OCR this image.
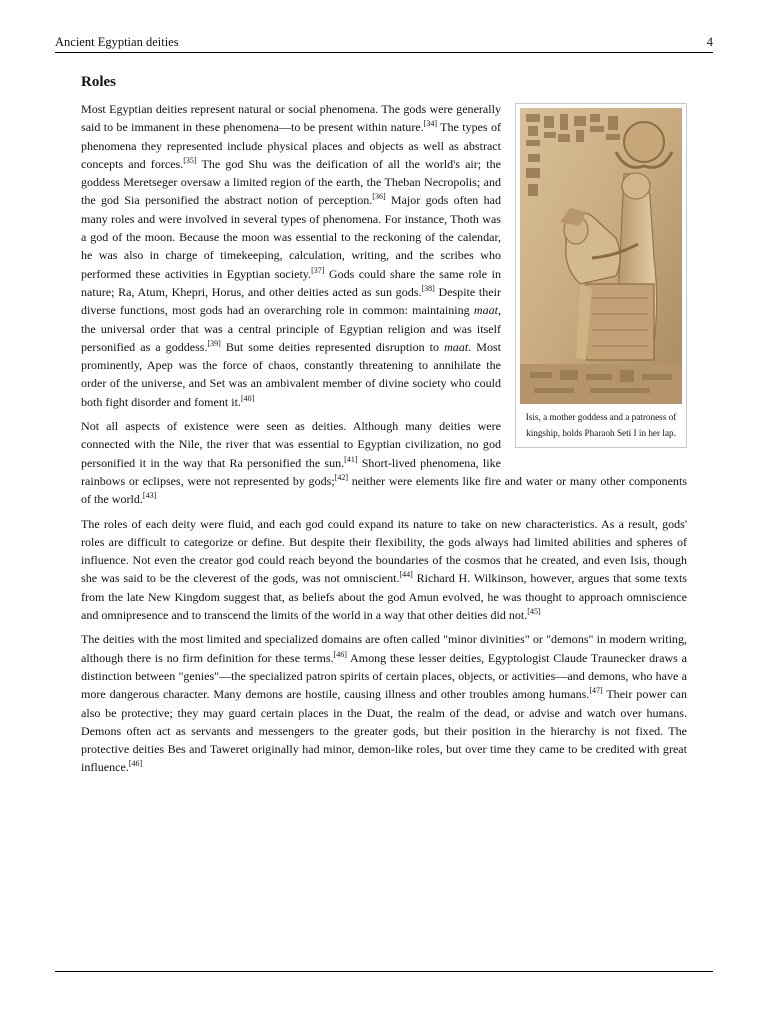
Ancient Egyptian deities	4
Roles
Isis, a mother goddess and a patroness of kingship, holds Pharaoh Seti I in her lap.

Most Egyptian deities represent natural or social phenomena. The gods were generally said to be immanent in these phenomena—to be present within nature.[34] The types of phenomena they represented include physical places and objects as well as abstract concepts and forces.[35] The god Shu was the deification of all the world's air; the goddess Meretseger oversaw a limited region of the earth, the Theban Necropolis; and the god Sia personified the abstract notion of perception.[36] Major gods often had many roles and were involved in several types of phenomena. For instance, Thoth was a god of the moon. Because the moon was essential to the reckoning of the calendar, he was also in charge of timekeeping, calculation, writing, and the scribes who performed these activities in Egyptian society.[37] Gods could share the same role in nature; Ra, Atum, Khepri, Horus, and other deities acted as sun gods.[38] Despite their diverse functions, most gods had an overarching role in common: maintaining maat, the universal order that was a central principle of Egyptian religion and was itself personified as a goddess.[39] But some deities represented disruption to maat. Most prominently, Apep was the force of chaos, constantly threatening to annihilate the order of the universe, and Set was an ambivalent member of divine society who could both fight disorder and foment it.[40]

Not all aspects of existence were seen as deities. Although many deities were connected with the Nile, the river that was essential to Egyptian civilization, no god personified it in the way that Ra personified the sun.[41] Short-lived phenomena, like rainbows or eclipses, were not represented by gods;[42] neither were elements like fire and water or many other components of the world.[43]

The roles of each deity were fluid, and each god could expand its nature to take on new characteristics. As a result, gods' roles are difficult to categorize or define. But despite their flexibility, the gods always had limited abilities and spheres of influence. Not even the creator god could reach beyond the boundaries of the cosmos that he created, and even Isis, though she was said to be the cleverest of the gods, was not omniscient.[44] Richard H. Wilkinson, however, argues that some texts from the late New Kingdom suggest that, as beliefs about the god Amun evolved, he was thought to approach omniscience and omnipresence and to transcend the limits of the world in a way that other deities did not.[45]

The deities with the most limited and specialized domains are often called "minor divinities" or "demons" in modern writing, although there is no firm definition for these terms.[46] Among these lesser deities, Egyptologist Claude Traunecker draws a distinction between "genies"—the specialized patron spirits of certain places, objects, or activities—and demons, who have a more dangerous character. Many demons are hostile, causing illness and other troubles among humans.[47] Their power can also be protective; they may guard certain places in the Duat, the realm of the dead, or advise and watch over humans. Demons often act as servants and messengers to the greater gods, but their position in the hierarchy is not fixed. The protective deities Bes and Taweret originally had minor, demon-like roles, but over time they came to be credited with great influence.[46]
